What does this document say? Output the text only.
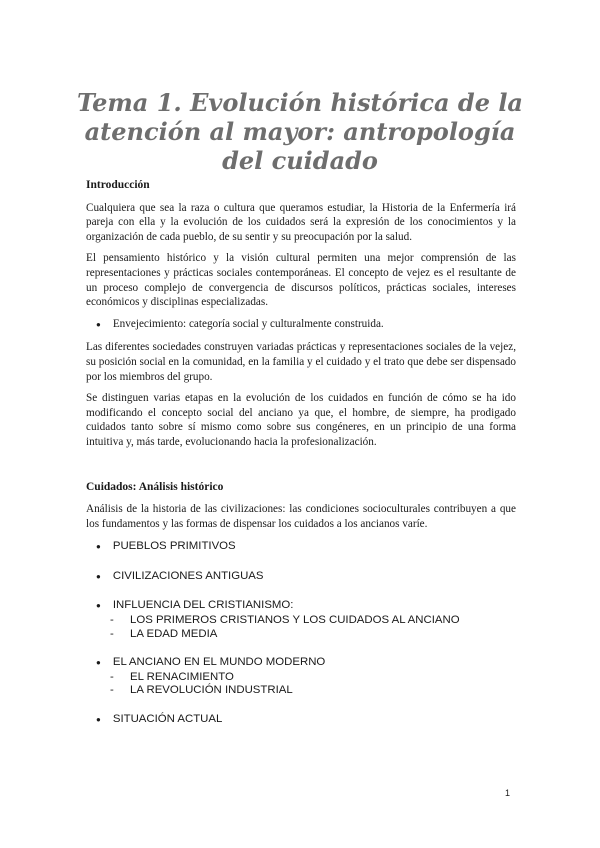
Tema 1. Evolución histórica de la atención al mayor: antropología del cuidado
Introducción

Cualquiera que sea la raza o cultura que queramos estudiar, la Historia de la Enfermería irá pareja con ella y la evolución de los cuidados será la expresión de los conocimientos y la organización de cada pueblo, de su sentir y su preocupación por la salud.

El pensamiento histórico y la visión cultural permiten una mejor comprensión de las representaciones y prácticas sociales contemporáneas. El concepto de vejez es el resultante de un proceso complejo de convergencia de discursos políticos, prácticas sociales, intereses económicos y disciplinas especializadas.

● Envejecimiento: categoría social y culturalmente construida.

Las diferentes sociedades construyen variadas prácticas y representaciones sociales de la vejez, su posición social en la comunidad, en la familia y el cuidado y el trato que debe ser dispensado por los miembros del grupo.

Se distinguen varias etapas en la evolución de los cuidados en función de cómo se ha ido modificando el concepto social del anciano ya que, el hombre, de siempre, ha prodigado cuidados tanto sobre sí mismo como sobre sus congéneres, en un principio de una forma intuitiva y, más tarde, evolucionando hacia la profesionalización.

Cuidados: Análisis histórico

Análisis de la historia de las civilizaciones: las condiciones socioculturales contribuyen a que los fundamentos y las formas de dispensar los cuidados a los ancianos varíe.

● PUEBLOS PRIMITIVOS
● CIVILIZACIONES ANTIGUAS
● INFLUENCIA DEL CRISTIANISMO:
-	LOS PRIMEROS CRISTIANOS Y LOS CUIDADOS AL ANCIANO
-	LA EDAD MEDIA
● EL ANCIANO EN EL MUNDO MODERNO
-	EL RENACIMIENTO
-	LA REVOLUCIÓN INDUSTRIAL
● SITUACIÓN ACTUAL
1
